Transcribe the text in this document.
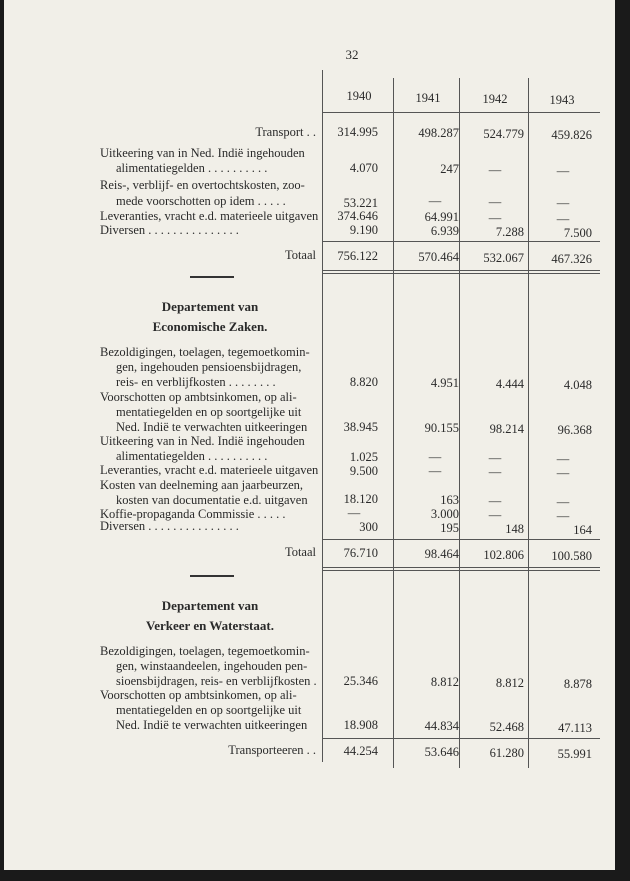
32
1940	1941	1942	1943
Transport . .	314.995	498.287	524.779	459.826
Uitkeering van in Ned. Indië ingehouden
alimentatiegelden . . . . . . . . . .	4.070	247	—	—
Reis-, verblijf- en overtochtskosten, zoo-
mede voorschotten op idem . . . . .	53.221	—	—	—
Leveranties, vracht e.d. materieele uitgaven	374.646	64.991	—	—
Diversen . . . . . . . . . . . . . . .	9.190	6.939	7.288	7.500
Totaal	756.122	570.464	532.067	467.326
Departement van
Economische Zaken.
Bezoldigingen, toelagen, tegemoetkomin-
gen, ingehouden pensioensbijdragen,
reis- en verblijfkosten . . . . . . . .	8.820	4.951	4.444	4.048
Voorschotten op ambtsinkomen, op ali-
mentatiegelden en op soortgelijke uit
Ned. Indië te verwachten uitkeeringen	38.945	90.155	98.214	96.368
Uitkeering van in Ned. Indië ingehouden
alimentatiegelden . . . . . . . . . .	1.025	—	—	—
Leveranties, vracht e.d. materieele uitgaven	9.500	—	—	—
Kosten van deelneming aan jaarbeurzen,
kosten van documentatie e.d. uitgaven	18.120	163	—	—
Koffie-propaganda Commissie . . . . .	—	3.000	—	—
Diversen . . . . . . . . . . . . . . .	300	195	148	164
Totaal	76.710	98.464	102.806	100.580
Departement van
Verkeer en Waterstaat.
Bezoldigingen, toelagen, tegemoetkomin-
gen, winstaandeelen, ingehouden pen-
sioensbijdragen, reis- en verblijfkosten .	25.346	8.812	8.812	8.878
Voorschotten op ambtsinkomen, op ali-
mentatiegelden en op soortgelijke uit
Ned. Indië te verwachten uitkeeringen	18.908	44.834	52.468	47.113
Transporteeren . .	44.254	53.646	61.280	55.991
